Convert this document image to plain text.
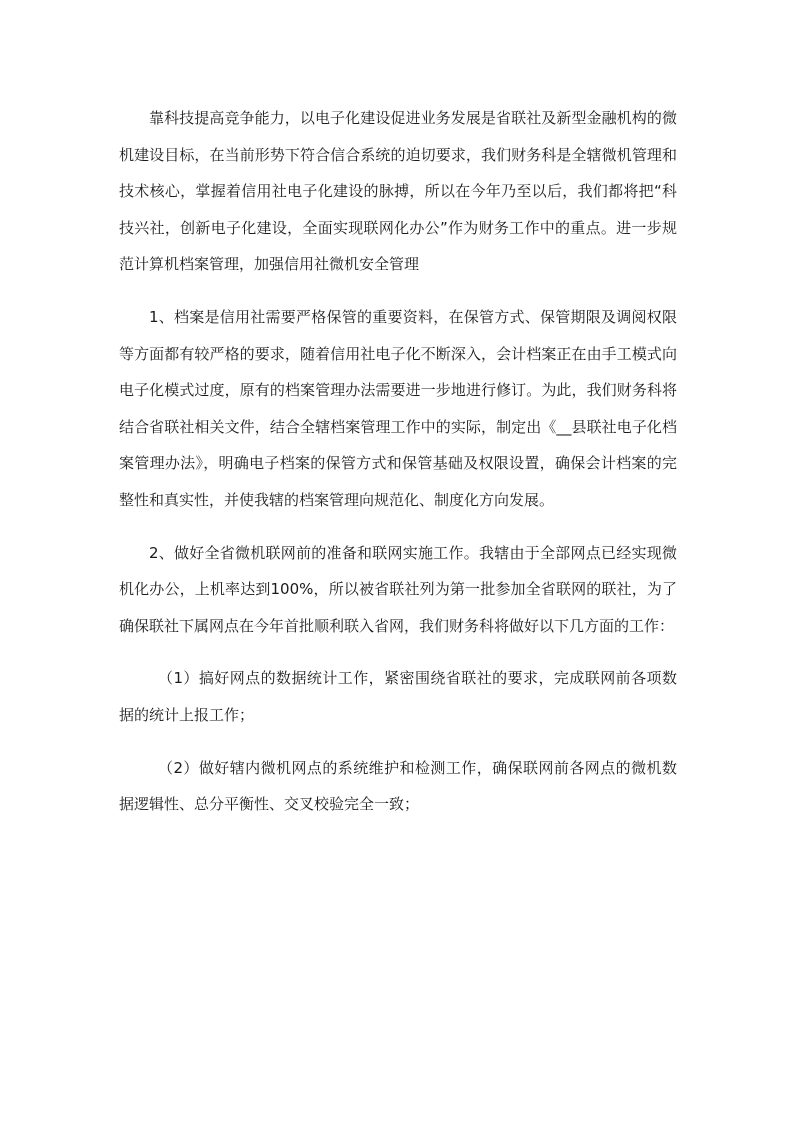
靠科技提高竞争能力，以电子化建设促进业务发展是省联社及新型金融机构的微机建设目标，在当前形势下符合信合系统的迫切要求，我们财务科是全辖微机管理和技术核心，掌握着信用社电子化建设的脉搏，所以在今年乃至以后，我们都将把“科技兴社，创新电子化建设，全面实现联网化办公”作为财务工作中的重点。进一步规范计算机档案管理，加强信用社微机安全管理

1、档案是信用社需要严格保管的重要资料，在保管方式、保管期限及调阅权限等方面都有较严格的要求，随着信用社电子化不断深入，会计档案正在由手工模式向电子化模式过度，原有的档案管理办法需要进一步地进行修订。为此，我们财务科将结合省联社相关文件，结合全辖档案管理工作中的实际，制定出《__县联社电子化档案管理办法》，明确电子档案的保管方式和保管基础及权限设置，确保会计档案的完整性和真实性，并使我辖的档案管理向规范化、制度化方向发展。

2、做好全省微机联网前的准备和联网实施工作。我辖由于全部网点已经实现微机化办公，上机率达到100%，所以被省联社列为第一批参加全省联网的联社，为了确保联社下属网点在今年首批顺利联入省网，我们财务科将做好以下几方面的工作：

（1）搞好网点的数据统计工作，紧密围绕省联社的要求，完成联网前各项数据的统计上报工作；

（2）做好辖内微机网点的系统维护和检测工作，确保联网前各网点的微机数据逻辑性、总分平衡性、交叉校验完全一致；
